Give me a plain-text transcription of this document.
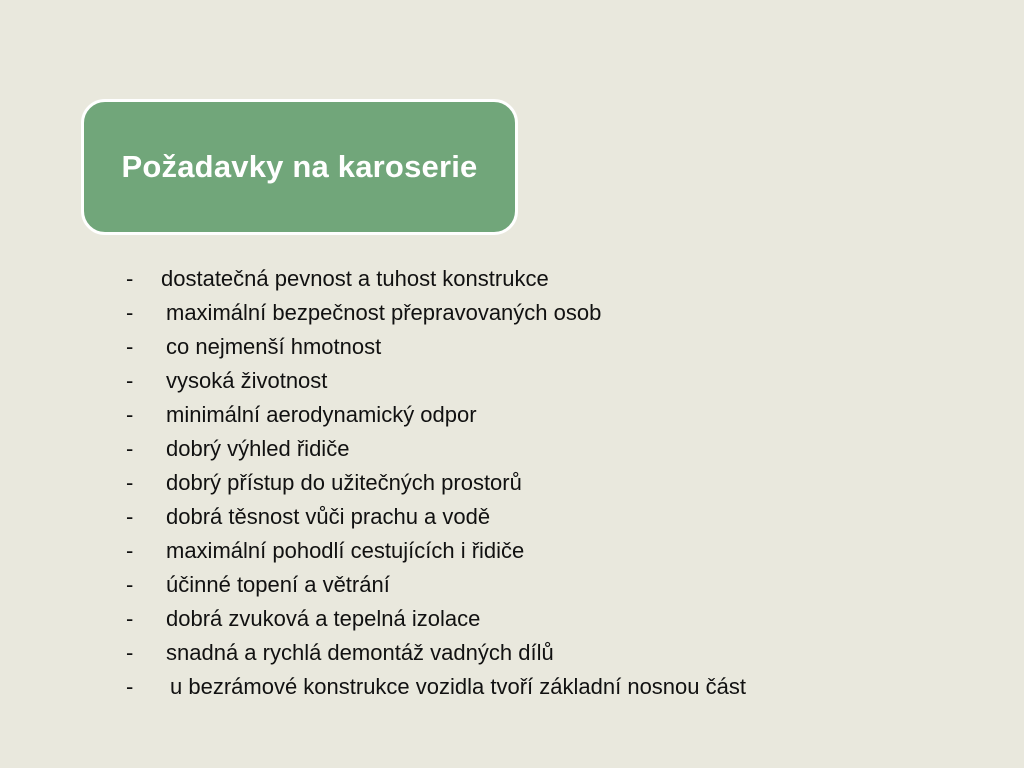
Požadavky na karoserie
-	dostatečná pevnost a tuhost konstrukce
-	maximální bezpečnost přepravovaných osob
-	co nejmenší hmotnost
-	vysoká životnost
-	minimální aerodynamický odpor
-	dobrý výhled řidiče
-	dobrý přístup do užitečných prostorů
-	dobrá těsnost vůči prachu a vodě
-	maximální pohodlí cestujících i řidiče
-	účinné topení a větrání
-	dobrá zvuková a tepelná izolace
-	snadná a rychlá demontáž vadných dílů
-	u bezrámové konstrukce vozidla tvoří základní nosnou část
